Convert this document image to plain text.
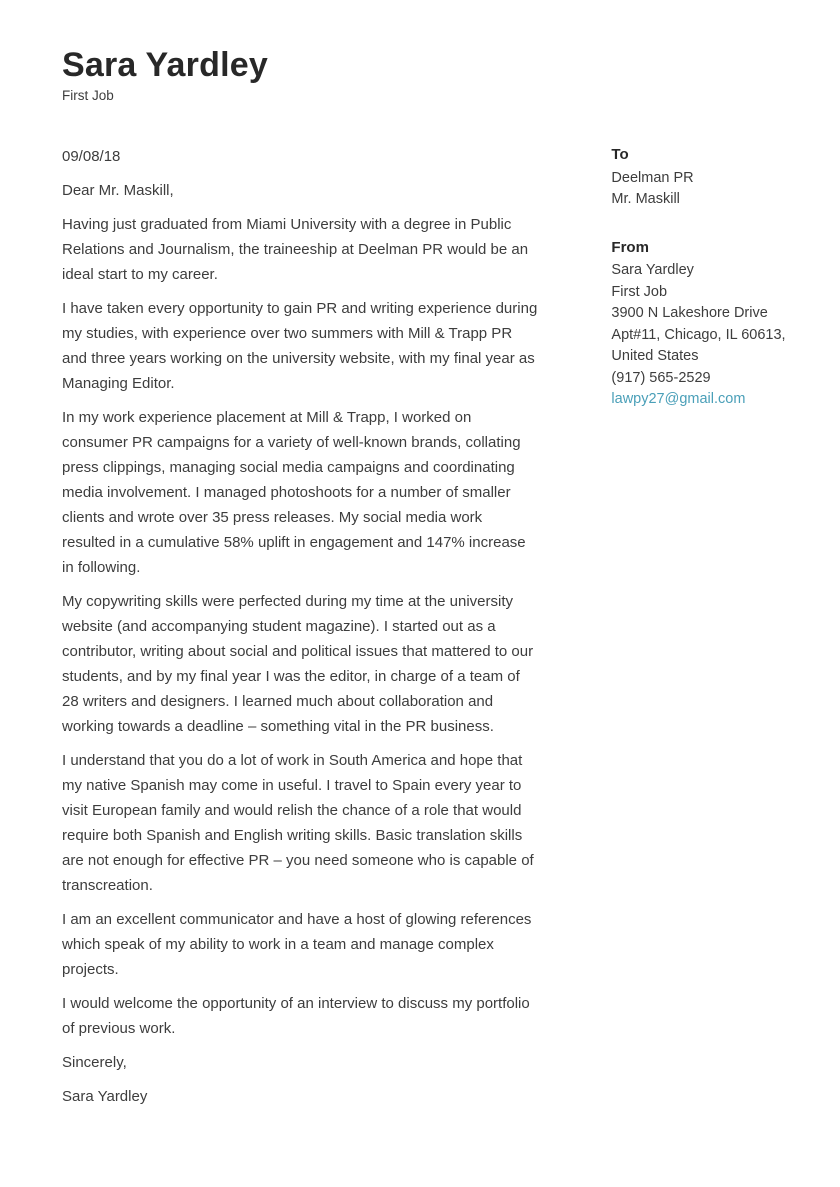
Sara Yardley
First Job

09/08/18

Dear Mr. Maskill,

Having just graduated from Miami University with a degree in Public Relations and Journalism, the traineeship at Deelman PR would be an ideal start to my career.

I have taken every opportunity to gain PR and writing experience during my studies, with experience over two summers with Mill & Trapp PR and three years working on the university website, with my final year as Managing Editor.

In my work experience placement at Mill & Trapp, I worked on consumer PR campaigns for a variety of well-known brands, collating press clippings, managing social media campaigns and coordinating media involvement. I managed photoshoots for a number of smaller clients and wrote over 35 press releases. My social media work resulted in a cumulative 58% uplift in engagement and 147% increase in following.

My copywriting skills were perfected during my time at the university website (and accompanying student magazine). I started out as a contributor, writing about social and political issues that mattered to our students, and by my final year I was the editor, in charge of a team of 28 writers and designers. I learned much about collaboration and working towards a deadline – something vital in the PR business.

I understand that you do a lot of work in South America and hope that my native Spanish may come in useful. I travel to Spain every year to visit European family and would relish the chance of a role that would require both Spanish and English writing skills. Basic translation skills are not enough for effective PR – you need someone who is capable of transcreation.

I am an excellent communicator and have a host of glowing references which speak of my ability to work in a team and manage complex projects.

I would welcome the opportunity of an interview to discuss my portfolio of previous work.

Sincerely,

Sara Yardley

To
Deelman PR
Mr. Maskill
From
Sara Yardley
First Job
3900 N Lakeshore Drive
Apt#11, Chicago, IL 60613,
United States
(917) 565-2529
lawpy27@gmail.com
